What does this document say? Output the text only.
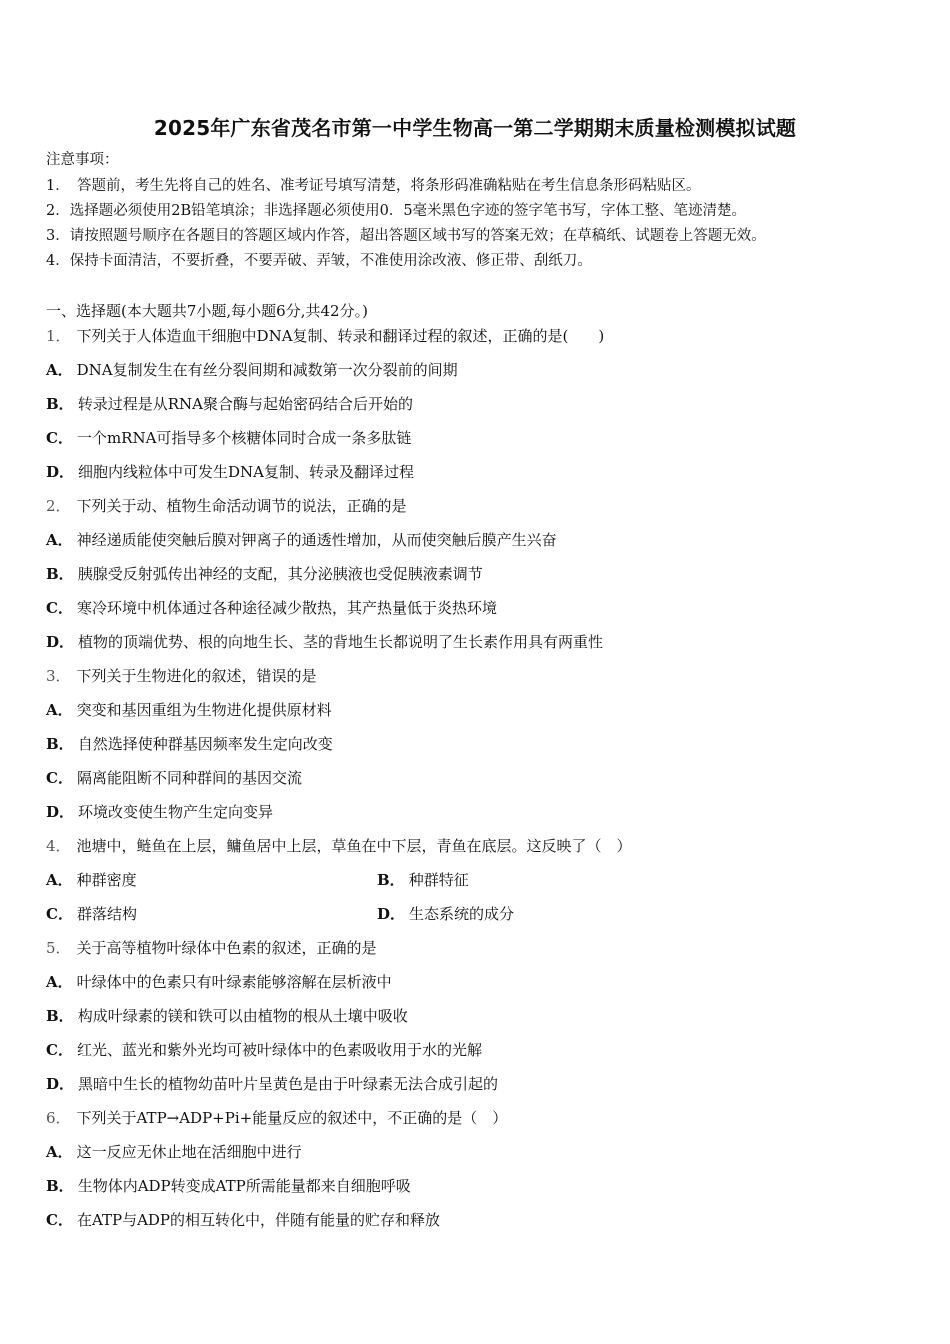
2025年广东省茂名市第一中学生物高一第二学期期末质量检测模拟试题
注意事项：
1．　答题前，考生先将自己的姓名、准考证号填写清楚，将条形码准确粘贴在考生信息条形码粘贴区。
2．选择题必须使用2B铅笔填涂；非选择题必须使用0．5毫米黑色字迹的签字笔书写，字体工整、笔迹清楚。
3．请按照题号顺序在各题目的答题区域内作答，超出答题区域书写的答案无效；在草稿纸、试题卷上答题无效。
4．保持卡面清洁，不要折叠，不要弄破、弄皱，不准使用涂改液、修正带、刮纸刀。
一、选择题(本大题共7小题,每小题6分,共42分。)
1． 下列关于人体造血干细胞中DNA复制、转录和翻译过程的叙述，正确的是(　　)
A． DNA复制发生在有丝分裂间期和减数第一次分裂前的间期
B． 转录过程是从RNA聚合酶与起始密码结合后开始的
C． 一个mRNA可指导多个核糖体同时合成一条多肽链
D． 细胞内线粒体中可发生DNA复制、转录及翻译过程
2． 下列关于动、植物生命活动调节的说法，正确的是
A． 神经递质能使突触后膜对钾离子的通透性增加，从而使突触后膜产生兴奋
B． 胰腺受反射弧传出神经的支配，其分泌胰液也受促胰液素调节
C． 寒冷环境中机体通过各种途径减少散热，其产热量低于炎热环境
D． 植物的顶端优势、根的向地生长、茎的背地生长都说明了生长素作用具有两重性
3． 下列关于生物进化的叙述，错误的是
A． 突变和基因重组为生物进化提供原材料
B． 自然选择使种群基因频率发生定向改变
C． 隔离能阻断不同种群间的基因交流
D． 环境改变使生物产生定向变异
4． 池塘中，鲢鱼在上层，鳙鱼居中上层，草鱼在中下层，青鱼在底层。这反映了（　）
A． 种群密度	B． 种群特征
C． 群落结构	D． 生态系统的成分
5． 关于高等植物叶绿体中色素的叙述，正确的是
A． 叶绿体中的色素只有叶绿素能够溶解在层析液中
B． 构成叶绿素的镁和铁可以由植物的根从土壤中吸收
C． 红光、蓝光和紫外光均可被叶绿体中的色素吸收用于水的光解
D． 黑暗中生长的植物幼苗叶片呈黄色是由于叶绿素无法合成引起的
6． 下列关于ATP→ADP+Pi+能量反应的叙述中，不正确的是（　）
A． 这一反应无休止地在活细胞中进行
B． 生物体内ADP转变成ATP所需能量都来自细胞呼吸
C． 在ATP与ADP的相互转化中，伴随有能量的贮存和释放
